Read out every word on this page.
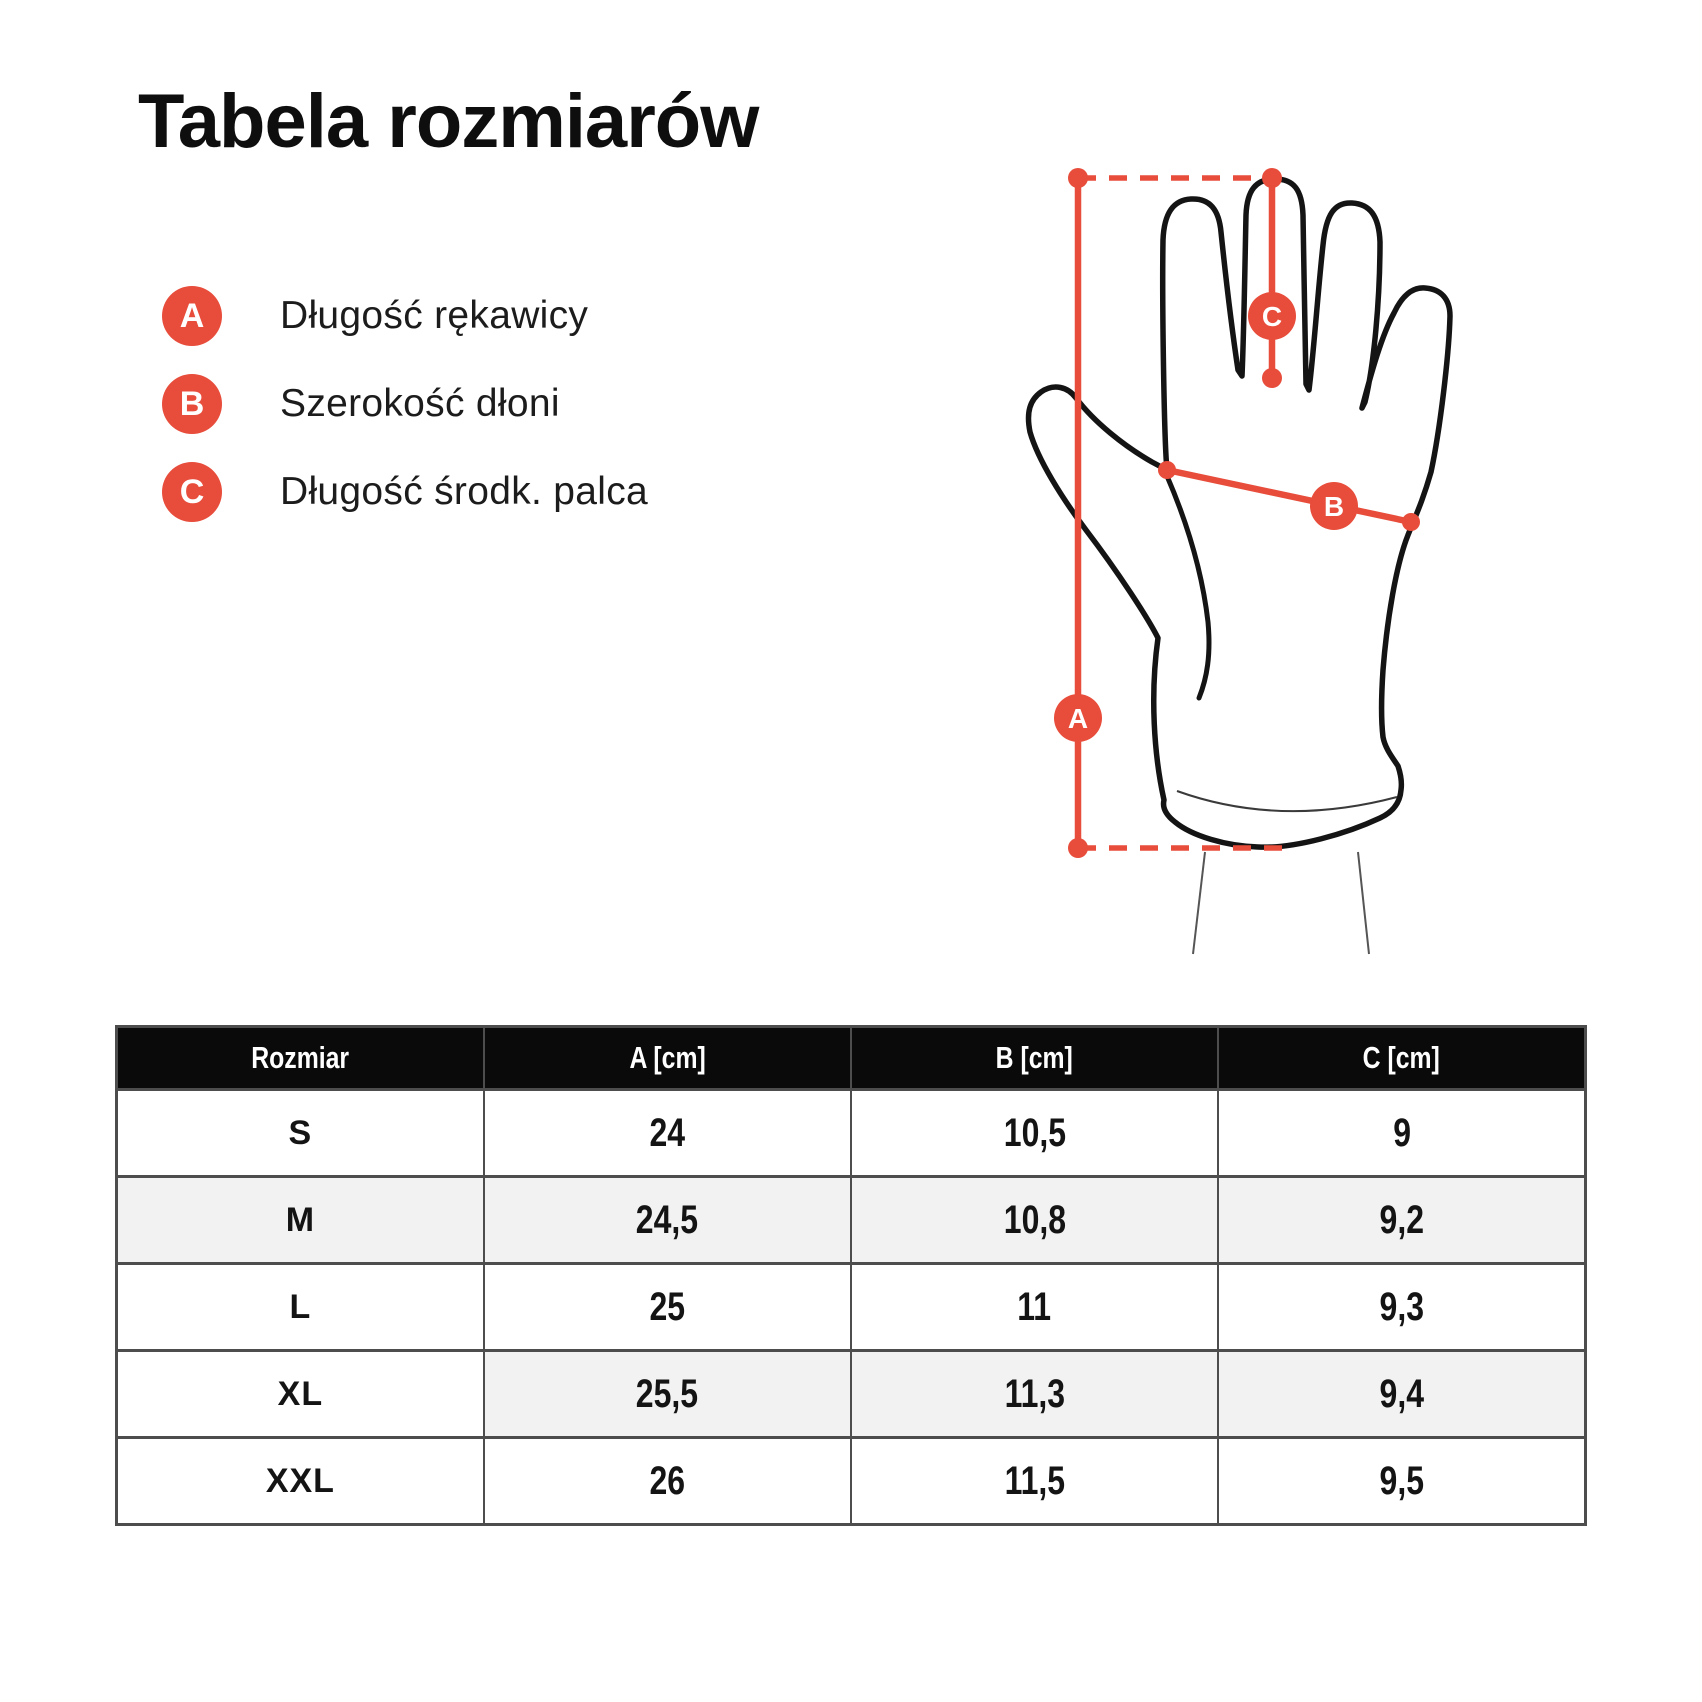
Tabela rozmiarów
A	Długość rękawicy
B	Szerokość dłoni
C	Długość środk. palca
A
B
C
Rozmiar	A [cm]	B [cm]	C [cm]
S	24	10,5	9
M	24,5	10,8	9,2
L	25	11	9,3
XL	25,5	11,3	9,4
XXL	26	11,5	9,5
